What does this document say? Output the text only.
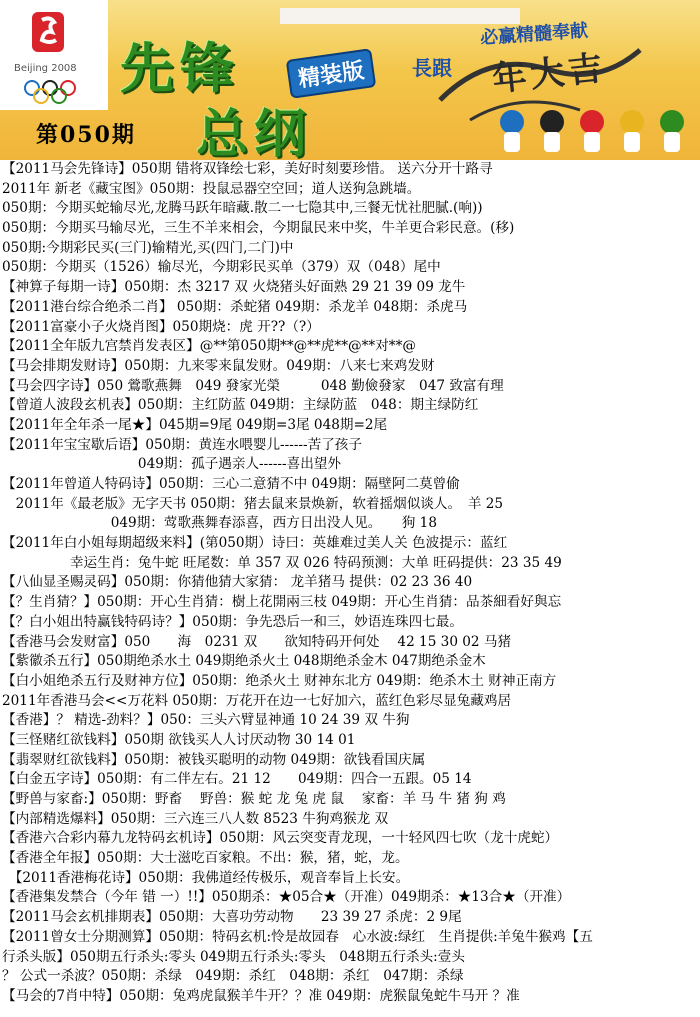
Beijing 2008
第050期
先锋
总纲
精装版
必赢精髓奉献
長跟 年大吉
【2011马会先锋诗】050期 错将双锋绘七彩，美好时刻要珍惜。 送六分开十路寻
2011年 新老《藏宝图》050期：投鼠忌器空空回；道人送狗急跳墙。
050期：今期买蛇输尽光,龙腾马跃年暗藏.散二一七隐其中,三餐无忧社肥膩.(响))
050期：今期买马输尽光，三生不羊来相会，今期鼠民来中奖，牛羊更合彩民意。(移)
050期:今期彩民买(三门)输精光,买(四门,二门)中
050期：今期买（1526）输尽光，今期彩民买单（379）双（048）尾中
【神算子每期一诗】050期：杰 3217 双 火烧猪头好面熟 29 21 39 09 龙牛
【2011港台综合绝杀二肖】 050期：杀蛇猪 049期：杀龙羊 048期：杀虎马
【2011富豪小子火烧肖图】050期烧：虎 开??（?）
【2011全年版九宫禁肖发表区】@**第050期**@**虎**@**对**@
【马会排期发财诗】050期：九来零来鼠发财。049期：八来七来鸡发财
【马会四字诗】050 鶯歌燕舞　049 發家光榮　　　048 勤儉發家　047 致富有理
【曾道人波段玄机表】050期：主红防蓝 049期：主绿防蓝　048：期主绿防红
【2011年全年杀一尾★】045期=9尾 049期=3尾 048期=2尾
【2011年宝宝歇后语】050期：黄连水喂婴儿------苦了孩子
　　　　　　　　　　049期：孤子遇亲人------喜出望外
【2011年曾道人特码诗】050期：三心二意猜不中 049期：隔壁阿二莫曾偷
　2011年《最老版》无字天书 050期：猪去鼠来景焕新，软着摇烟似谈人。　羊 25
　　　　　　　　049期：莺歌燕舞春添喜，西方日出没人见。　　狗 18
【2011年白小姐每期超级来料】(第050期）诗曰：英雄难过美人关 色波提示：蓝红
　　　　　幸运生肖：兔牛蛇 旺尾数：单 357 双 026 特码预测：大单 旺码提供：23 35 49
【八仙显圣赐灵码】050期：你猜他猜大家猜： 龙羊猪马 提供：02 23 36 40
【？生肖猜？】050期：开心生肖猜：樹上花開兩三枝 049期：开心生肖猜：品茶細看好與忘
【？白小姐出特赢钱特码诗？】050期：争先恐后一和三，妙语连珠四七最。
【香港马会发财富】050　　海　0231 双　　欲知特码开何处　 42 15 30 02 马猪
【紫徽杀五行】050期绝杀水土 049期绝杀火土 048期绝杀金木 047期绝杀金木
【白小姐绝杀五行及财神方位】050期：绝杀火土 财神东北方 049期：绝杀木土 财神正南方
2011年香港马会<<万花料 050期：万花开在边一七好加六，蓝红色彩尽显兔藏鸡居
【香港】？ 精选-劲料？】050：三头六臂显神通 10 24 39 双 牛狗
【三怪赌红欲钱料】050期 欲钱买人人讨厌动物 30 14 01
【翡翠财红欲钱料】050期：被钱买聪明的动物 049期：欲钱看国庆属
【白金五字诗】050期：有二伴左右。21 12　　049期：四合一五跟。05 14
【野兽与家畜:】050期：野畜　 野兽：猴 蛇 龙 兔 虎 鼠　 家畜：羊 马 牛 猪 狗 鸡
【内部精选爆料】050期：三六连三八人数 8523 牛狗鸡猴龙 双
【香港六合彩内幕九龙特码玄机诗】050期：风云突变青龙现，一十轻风四七吹（龙十虎蛇）
【香港全年报】050期：大士滋吃百家粮。不出：猴，猪，蛇，龙。
　【2011香港梅花诗】050期：我佛道经传极乐，观音奉旨上长安。
【香港集发禁合（今年 错 一）!!】050期杀：★05合★（开准）049期杀：★13合★（开准）
【2011马会玄机排期表】050期：大喜功劳动物　　23 39 27 杀虎：2 9尾
【2011曾女士分期测算】050期：特码玄机:怜是故园春　心水波:绿红　生肖提供:羊兔牛猴鸡【五
行杀头版】050期五行杀头:零头 049期五行杀头:零头　048期五行杀头:壹头
？ 公式一杀波？050期：杀绿　049期：杀红　048期：杀红　047期：杀绿
【马会的7肖中特】050期：兔鸡虎鼠猴羊牛开？？准 049期：虎猴鼠兔蛇牛马开 ？准
